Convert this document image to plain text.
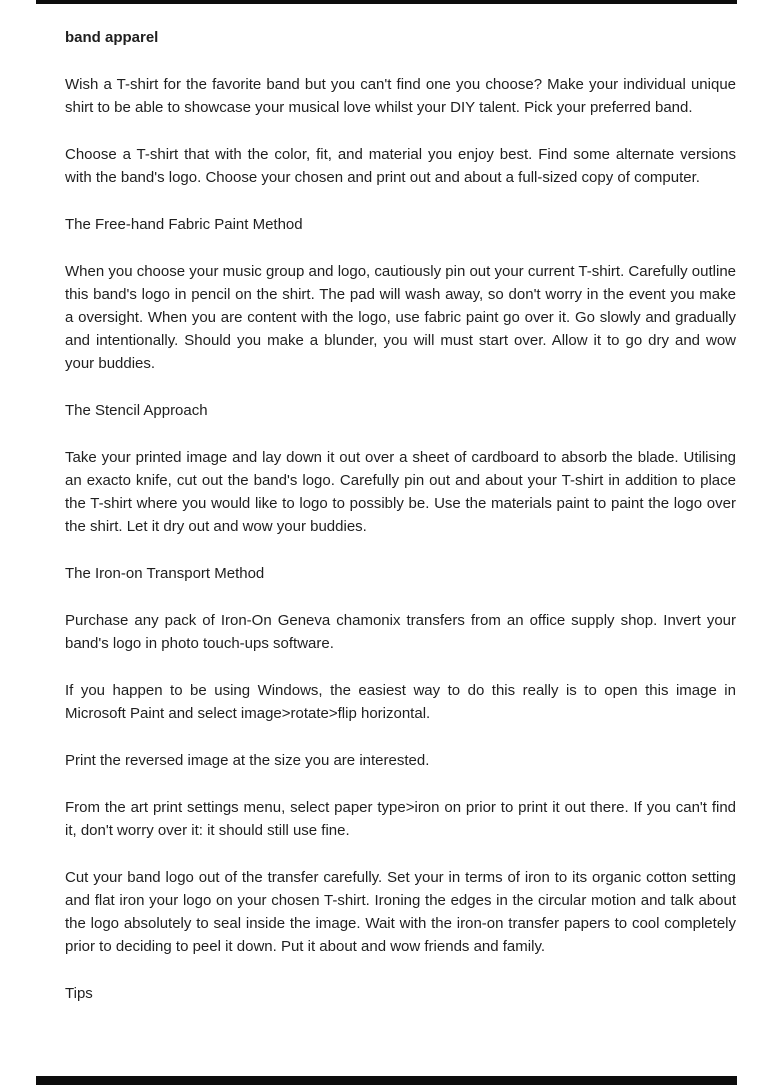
band apparel

Wish a T-shirt for the favorite band but you can't find one you choose? Make your individual unique shirt to be able to showcase your musical love whilst your DIY talent. Pick your preferred band.

Choose a T-shirt that with the color, fit, and material you enjoy best. Find some alternate versions with the band's logo. Choose your chosen and print out and about a full-sized copy of computer.

The Free-hand Fabric Paint Method

When you choose your music group and logo, cautiously pin out your current T-shirt. Carefully outline this band's logo in pencil on the shirt. The pad will wash away, so don't worry in the event you make a oversight. When you are content with the logo, use fabric paint go over it. Go slowly and gradually and intentionally. Should you make a blunder, you will must start over. Allow it to go dry and wow your buddies.

The Stencil Approach

Take your printed image and lay down it out over a sheet of cardboard to absorb the blade. Utilising an exacto knife, cut out the band's logo. Carefully pin out and about your T-shirt in addition to place the T-shirt where you would like to logo to possibly be. Use the materials paint to paint the logo over the shirt. Let it dry out and wow your buddies.

The Iron-on Transport Method

Purchase any pack of Iron-On Geneva chamonix transfers from an office supply shop. Invert your band's logo in photo touch-ups software.

If you happen to be using Windows, the easiest way to do this really is to open this image in Microsoft Paint and select image>rotate>flip horizontal.

Print the reversed image at the size you are interested.

From the art print settings menu, select paper type>iron on prior to print it out there. If you can't find it, don't worry over it: it should still use fine.

Cut your band logo out of the transfer carefully. Set your in terms of iron to its organic cotton setting and flat iron your logo on your chosen T-shirt. Ironing the edges in the circular motion and talk about the logo absolutely to seal inside the image. Wait with the iron-on transfer papers to cool completely prior to deciding to peel it down. Put it about and wow friends and family.

Tips
